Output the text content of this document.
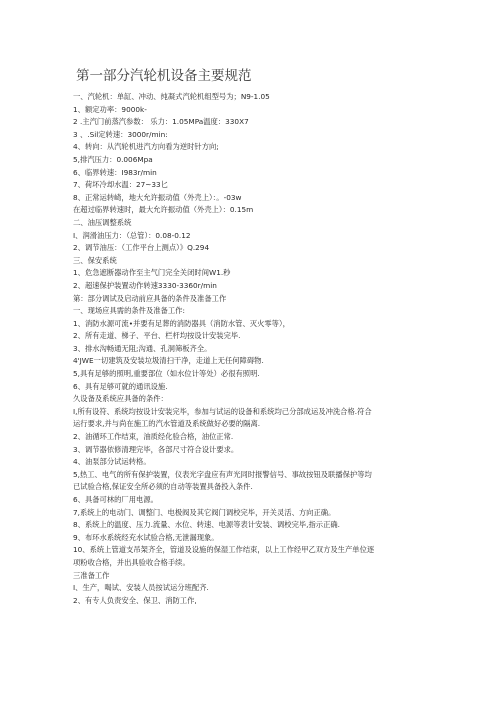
第一部分汽轮机设备主要规范
一、汽轮机：单缸、冲动、纯凝式汽轮机组型号为；N9-1.05
1、额定功率：9000k-
2 .主汽门前蒸汽参数： 乐力：1.05MPa温度：330X7
3 、.Sil定转速：3000r/min:
4、转向：从汽轮机进汽方向看为逆时针方向;
5,排汽压力：0.006Mpa
6、临界转速：I983r/min
7、荷坏冷却水温：27~33匕
8、正常运转崎，地大允许振动值（外壳上）：。-03w
在超过临界转速时，最大允许振动值（外壳上）：0.15m
二、油压调整系统
I、润滑油压力：（总管）：0.08-0.12
2、调节油压：（工作平台上测点）》Q.294
三、保安系统
1、危急遮断器动作至主气门完全关闭时间W1.秒
2、超速保护装置动作转速3330-3360r/min
第：部分调试及启动前应具备的条件及准备工作
一、现场应具需的条件及准备工作:
1、消防水源可流•并要有足葬的消防器具（消防水管、灭火零等），
2、所有走道、梯子、平台、栏杆均按设计安装完毕.
3、排水沟畅通无阻;沟通、孔洞筛板齐全。
4'JWE一切建筑及安装垃圾清扫干净，走道上无任何障碍物.
5,具有足够的照明,重要部位（如水位计等处）必很有照明.
6、具有足够可就的通讯设施.
久设备及系统应具备的条件：
I,所有设符、系统均按设计安装完毕，参加与试运的设备和系统均己分部成运及冲洗合格.符合
运行要求,并与尚在施工的汽水管道及系统做好必要的隔离.
2、油循环工作结束，油质经化验合格，油位正常.
3、调节器依修清理完毕，各部尺寸符合设计要求。
4、油泵部分试运转格。
5,热工、电气的所有保护装置，仪表光字盘应有声光同时报警信号、事故按钮及联播保护等均
已试验合格,保证安全所必须的自动等装置具备投入条件.
6、具备可林的厂用电源。
7,系统上的电动门、调整门、电极阀及其它阀门调校完毕，开关灵活、方向正确。
8、系统上的温度、压力.流量、水位、转速、电源等表计安装、调校完毕,指示正确.
9、布环水系统经充水试验合格,无泄漏现象。
10、系统上管道支吊架齐全，管道及设施的保湿工作结束，以上工作经甲乙双方及生产单位逐
项粉收合格，并出具验收合格手续。
三准备工作
I、生产，喝试、安装人员按试运分班配齐.
2、有专人负责安全、保卫、消防工作,
